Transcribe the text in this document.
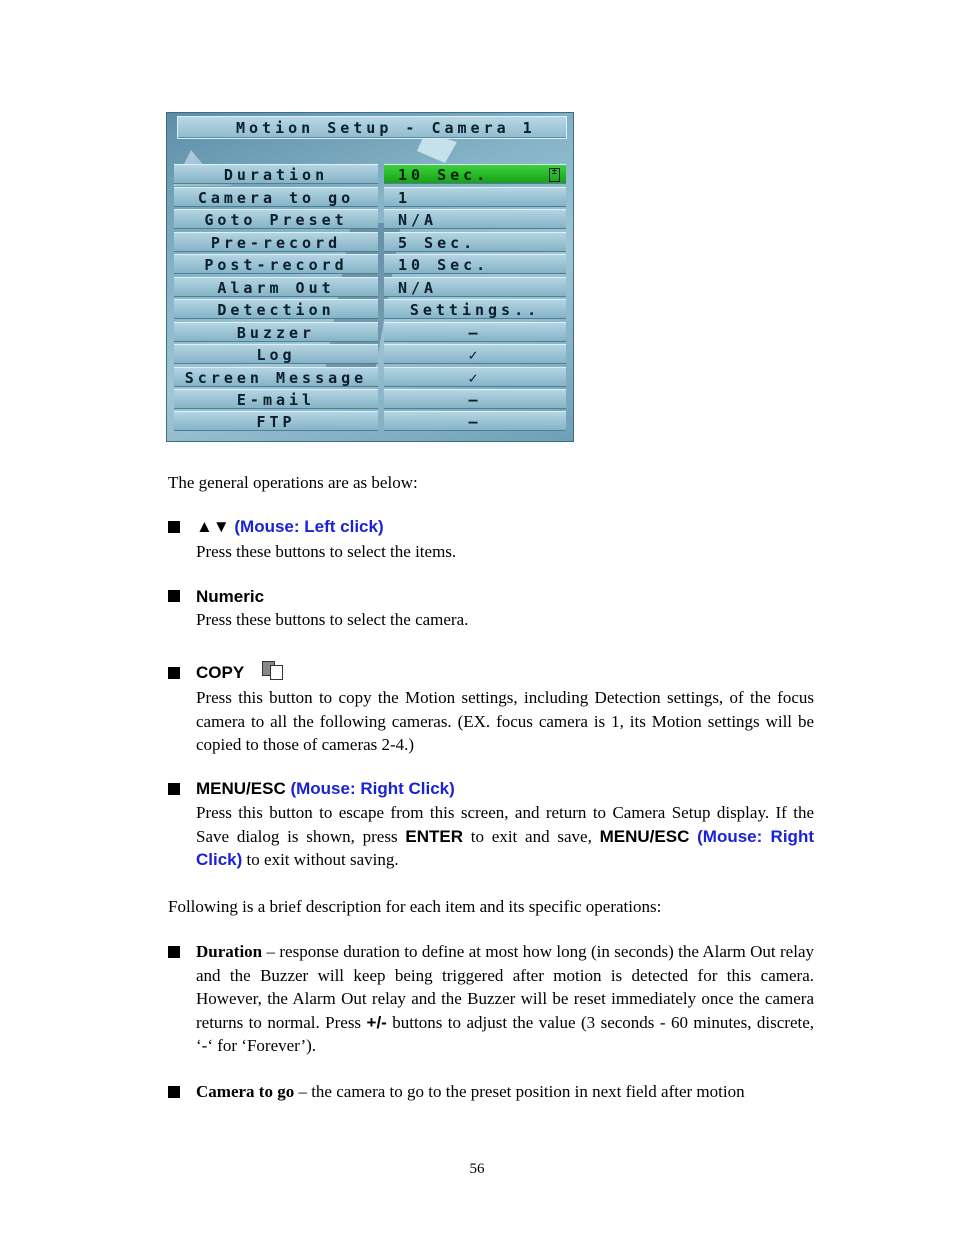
Motion Setup - Camera 1
Duration	10 Sec.	±
Camera to go	1
Goto Preset	N/A
Pre-record	5 Sec.
Post-record	10 Sec.
Alarm Out	N/A
Detection	Settings..
Buzzer	–
Log	✓
Screen Message	✓
E-mail	–
FTP	–

The general operations are as below:

▲▼ (Mouse: Left click)

Press these buttons to select the items.

Numeric

Press these buttons to select the camera.

COPY

Press this button to copy the Motion settings, including Detection settings, of the focus camera to all the following cameras. (EX. focus camera is 1, its Motion settings will be copied to those of cameras 2-4.)

MENU/ESC (Mouse: Right Click)

Press this button to escape from this screen, and return to Camera Setup display. If the Save dialog is shown, press ENTER to exit and save, MENU/ESC (Mouse: Right Click) to exit without saving.

Following is a brief description for each item and its specific operations:

Duration – response duration to define at most how long (in seconds) the Alarm Out relay and the Buzzer will keep being triggered after motion is detected for this camera. However, the Alarm Out relay and the Buzzer will be reset immediately once the camera returns to normal. Press +/- buttons to adjust the value (3 seconds - 60 minutes, discrete, ‘-‘ for ‘Forever’).

Camera to go – the camera to go to the preset position in next field after motion

56
